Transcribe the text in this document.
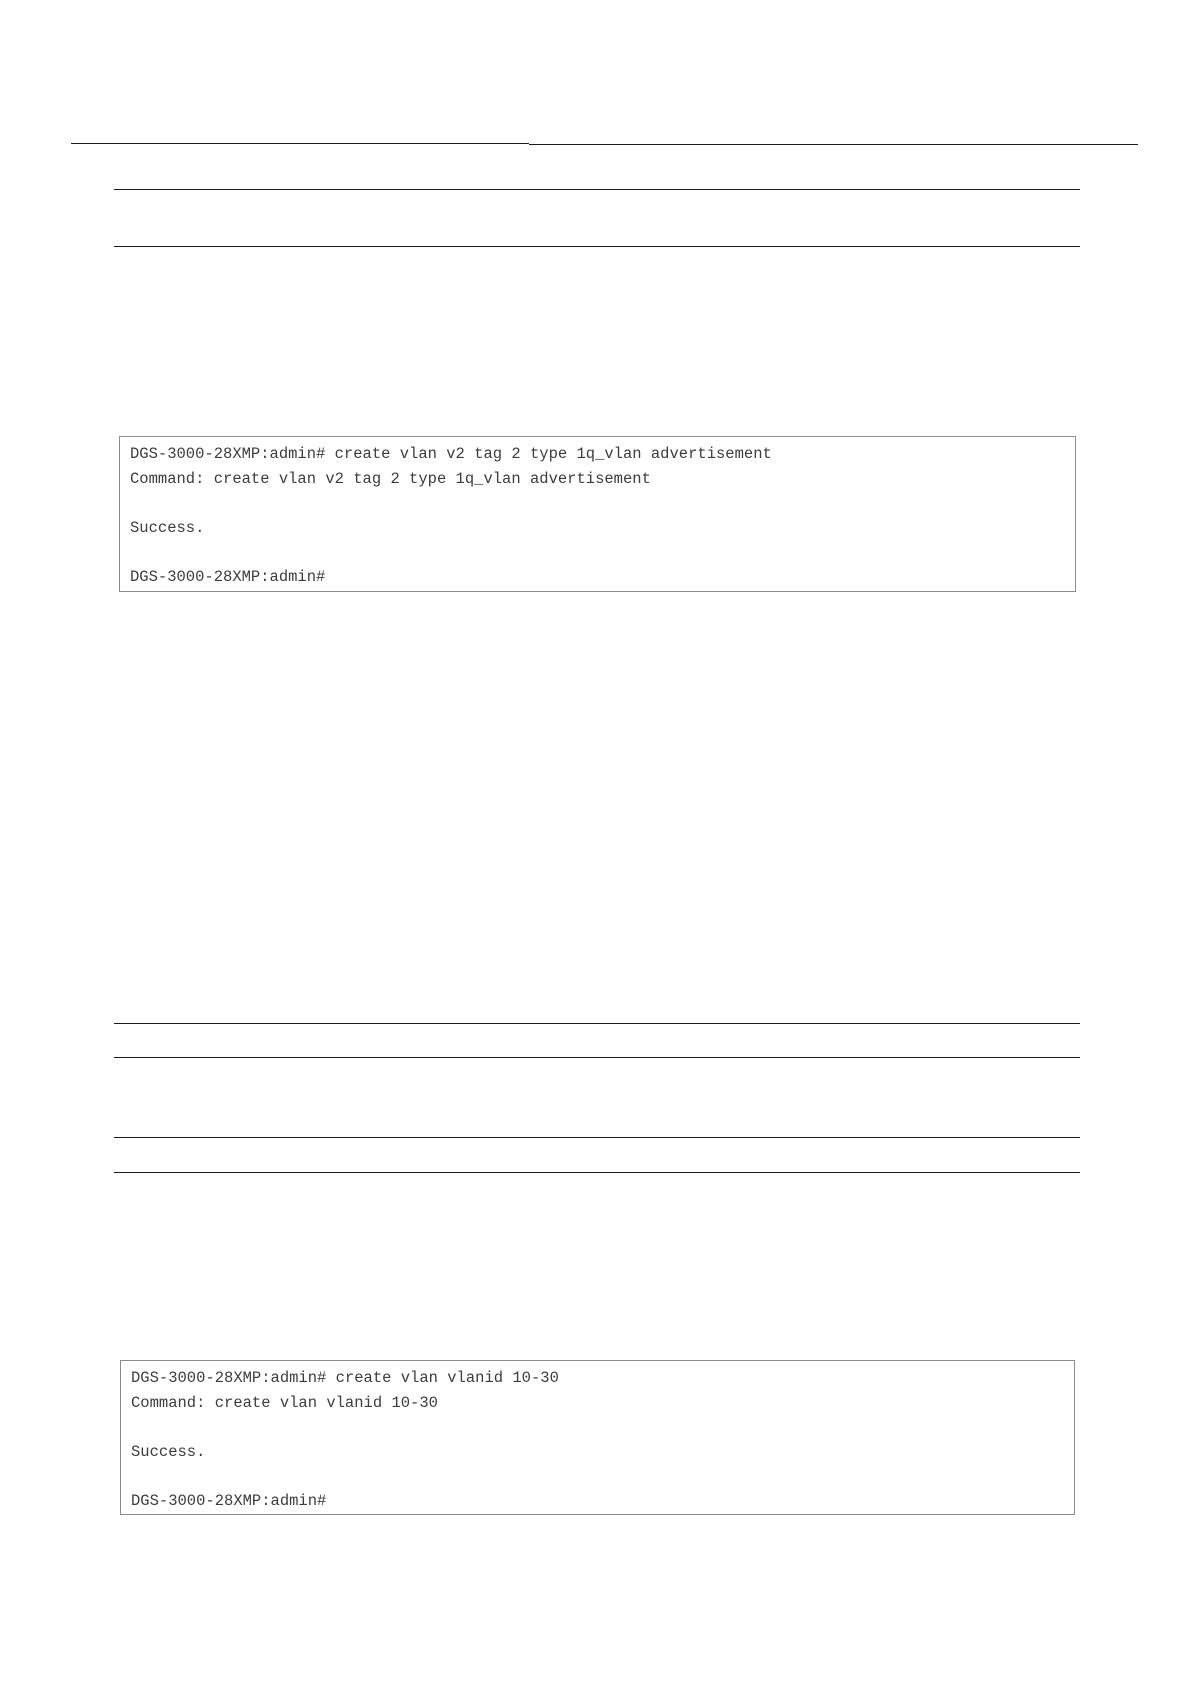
DGS-3000-28XMP:admin# create vlan v2 tag 2 type 1q_vlan advertisement
Command: create vlan v2 tag 2 type 1q_vlan advertisement
Success.
DGS-3000-28XMP:admin#
DGS-3000-28XMP:admin# create vlan vlanid 10-30
Command: create vlan vlanid 10-30
Success.
DGS-3000-28XMP:admin#
